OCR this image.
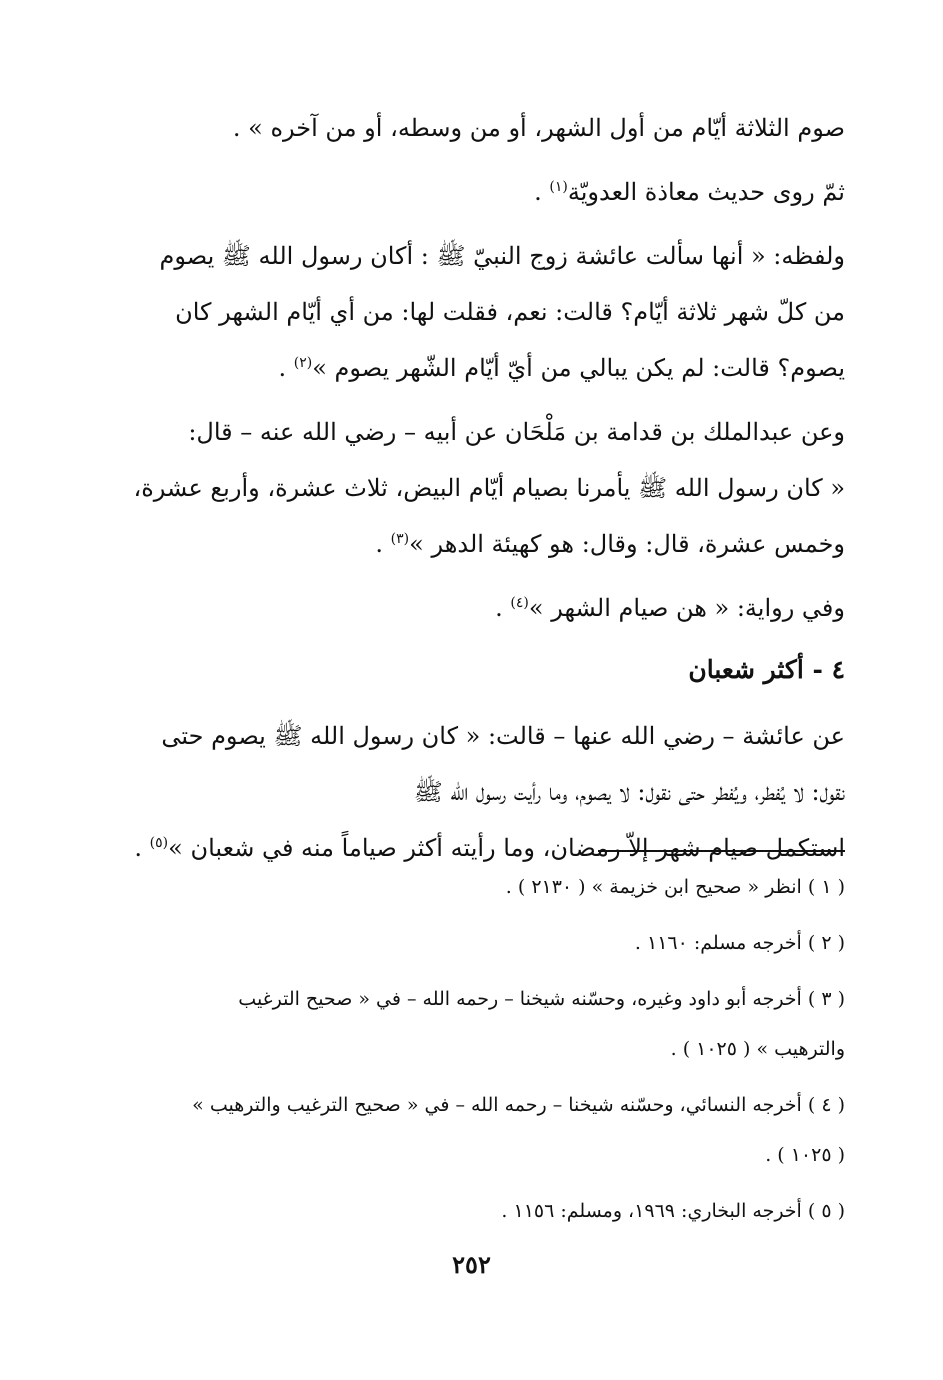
صوم الثلاثة أيّام من أول الشهر، أو من وسطه، أو من آخره » .

ثمّ روى حديث معاذة العدويّة$^{(١)}$ .

ولفظه: « أنها سألت عائشة زوج النبيّ ﷺ : أكان رسول الله ﷺ يصوم
من كلّ شهر ثلاثة أيّام؟ قالت: نعم، فقلت لها: من أي أيّام الشهر كان
يصوم؟ قالت: لم يكن يبالي من أيّ أيّام الشّهر يصوم »$^{(٢)}$ .

وعن عبدالملك بن قدامة بن مَلْحَان عن أبيه – رضي الله عنه – قال:
« كان رسول الله ﷺ يأمرنا بصيام أيّام البيض، ثلاث عشرة، وأربع عشرة،
وخمس عشرة، قال: وقال: هو كهيئة الدهر »$^{(٣)}$ .

وفي رواية: « هن صيام الشهر »$^{(٤)}$ .

٤ - أكثر شعبان

عن عائشة – رضي الله عنها – قالت: « كان رسول الله ﷺ يصوم حتى
نقول: لا يُفطر، ويُفطر حتى نقول: لا يصوم، وما رأيت رسول الله ﷺ
استكمل صيام شهر إلاّ رمضان، وما رأيته أكثر صياماً منه في شعبان »$^{(٥)}$ .

( ١ ) انظر « صحيح ابن خزيمة » ( ٢١٣٠ ) .
( ٢ ) أخرجه مسلم: ١١٦٠ .
( ٣ ) أخرجه أبو داود وغيره، وحسّنه شيخنا – رحمه الله – في « صحيح الترغيب
والترهيب » ( ١٠٢٥ ) .
( ٤ ) أخرجه النسائي، وحسّنه شيخنا – رحمه الله – في « صحيح الترغيب والترهيب »
( ١٠٢٥ ) .
( ٥ ) أخرجه البخاري: ١٩٦٩، ومسلم: ١١٥٦ .
٢٥٢
